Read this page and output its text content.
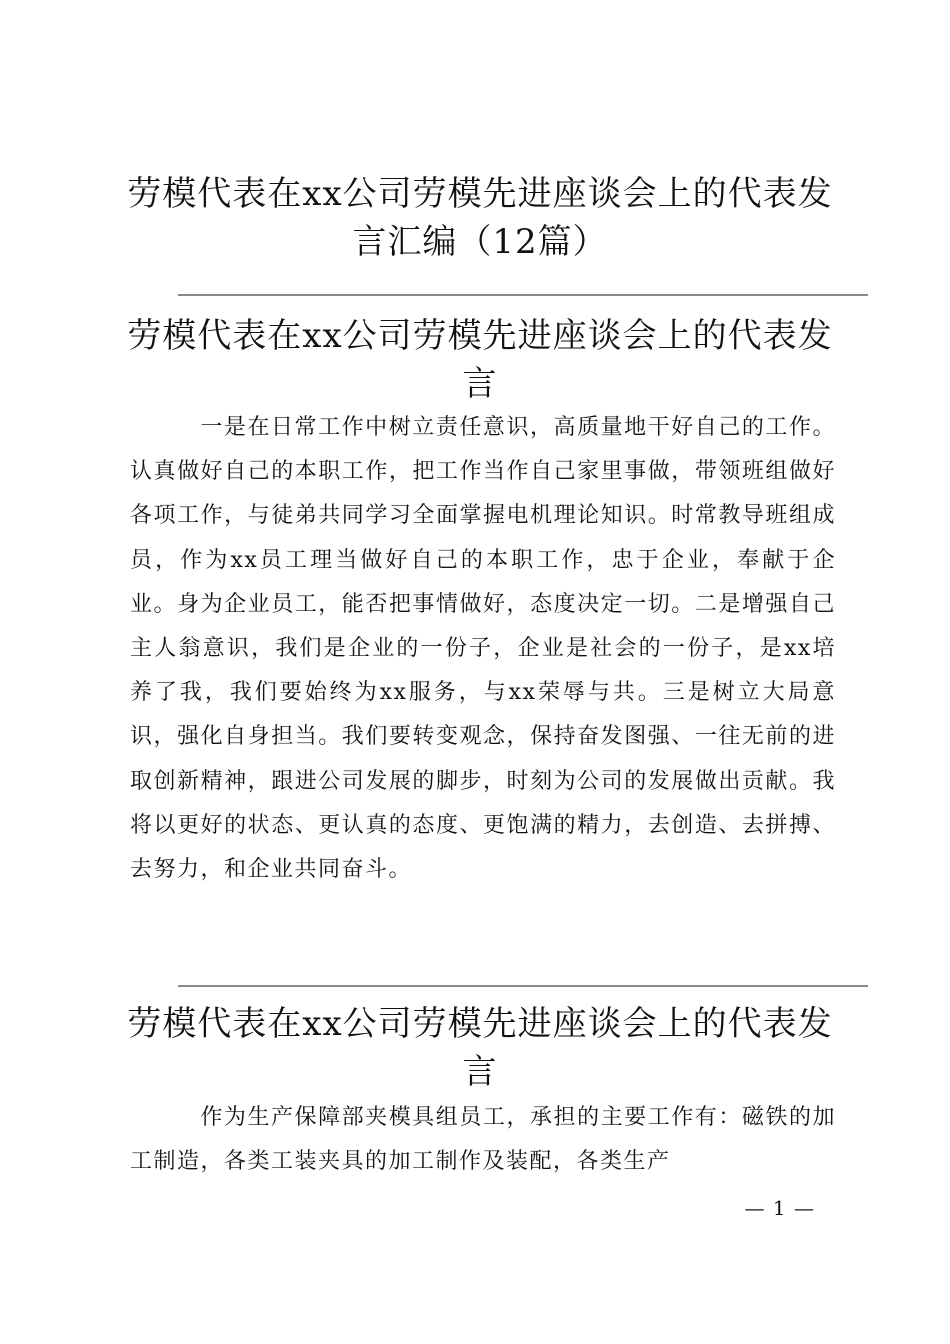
劳模代表在xx公司劳模先进座谈会上的代表发言汇编（12篇）
劳模代表在xx公司劳模先进座谈会上的代表发言

一是在日常工作中树立责任意识，高质量地干好自己的工作。认真做好自己的本职工作，把工作当作自己家里事做，带领班组做好各项工作，与徒弟共同学习全面掌握电机理论知识。时常教导班组成员，作为xx员工理当做好自己的本职工作，忠于企业，奉献于企业。身为企业员工，能否把事情做好，态度决定一切。二是增强自己主人翁意识，我们是企业的一份子，企业是社会的一份子，是xx培养了我，我们要始终为xx服务，与xx荣辱与共。三是树立大局意识，强化自身担当。我们要转变观念，保持奋发图强、一往无前的进取创新精神，跟进公司发展的脚步，时刻为公司的发展做出贡献。我将以更好的状态、更认真的态度、更饱满的精力，去创造、去拼搏、去努力，和企业共同奋斗。

劳模代表在xx公司劳模先进座谈会上的代表发言

作为生产保障部夹模具组员工，承担的主要工作有：磁铁的加工制造，各类工装夹具的加工制作及装配，各类生产

— 1 —
